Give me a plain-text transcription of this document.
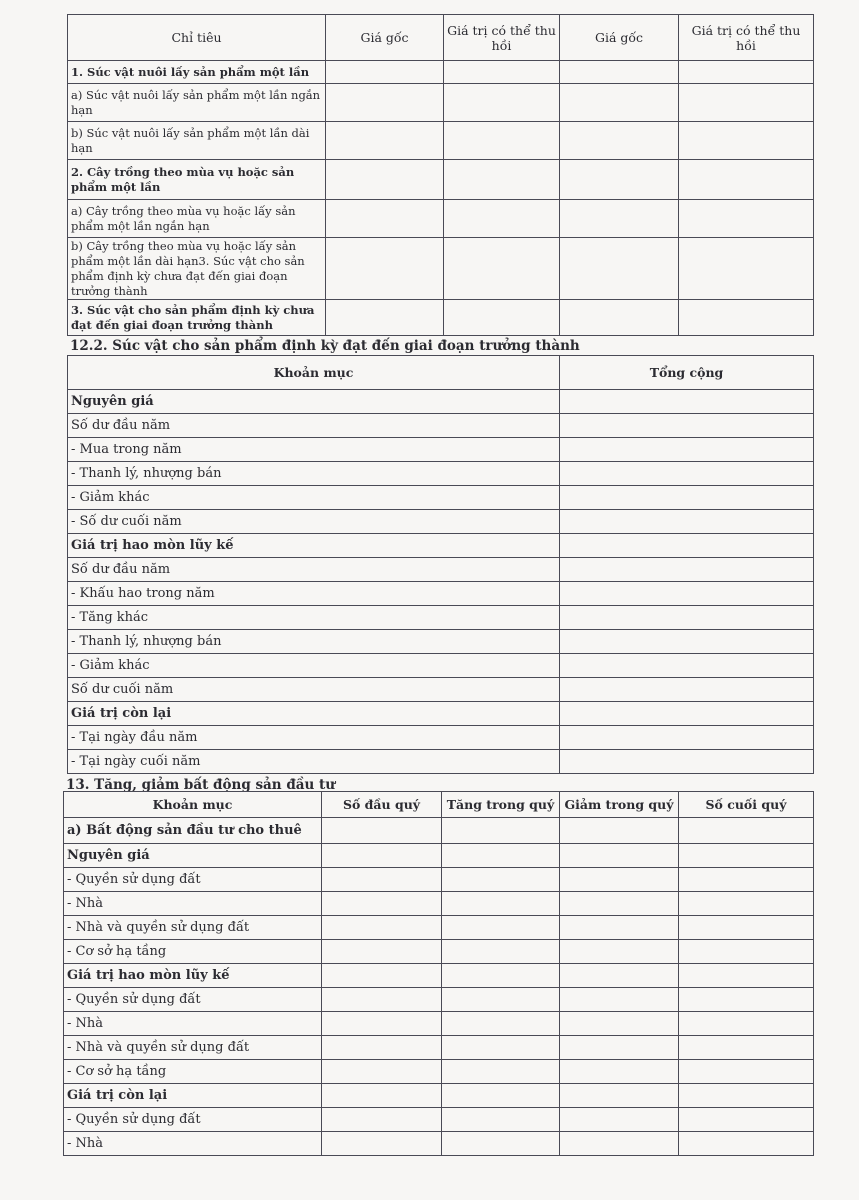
Chỉ tiêu	Giá gốc	Giá trị có thể thu hồi	Giá gốc	Giá trị có thể thu hồi
1. Súc vật nuôi lấy sản phẩm một lần				
a) Súc vật nuôi lấy sản phẩm một lần ngắn hạn				
b) Súc vật nuôi lấy sản phẩm một lần dài hạn				
2. Cây trồng theo mùa vụ hoặc sản phẩm một lần				
a) Cây trồng theo mùa vụ hoặc lấy sản phẩm một lần ngắn hạn				
b) Cây trồng theo mùa vụ hoặc lấy sản phẩm một lần dài hạn3. Súc vật cho sản phẩm định kỳ chưa đạt đến giai đoạn trưởng thành				
3. Súc vật cho sản phẩm định kỳ chưa đạt đến giai đoạn trưởng thành				
12.2. Súc vật cho sản phẩm định kỳ đạt đến giai đoạn trưởng thành
Khoản mục	Tổng cộng
Nguyên giá	
Số dư đầu năm	
- Mua trong năm	
- Thanh lý, nhượng bán	
- Giảm khác	
- Số dư cuối năm	
Giá trị hao mòn lũy kế	
Số dư đầu năm	
- Khấu hao trong năm	
- Tăng khác	
- Thanh lý, nhượng bán	
- Giảm khác	
Số dư cuối năm	
Giá trị còn lại	
- Tại ngày đầu năm	
- Tại ngày cuối năm	
13. Tăng, giảm bất động sản đầu tư
Khoản mục	Số đầu quý	Tăng trong quý	Giảm trong quý	Số cuối quý
a) Bất động sản đầu tư cho thuê				
Nguyên giá				
- Quyền sử dụng đất				
- Nhà				
- Nhà và quyền sử dụng đất				
- Cơ sở hạ tầng				
Giá trị hao mòn lũy kế				
- Quyền sử dụng đất				
- Nhà				
- Nhà và quyền sử dụng đất				
- Cơ sở hạ tầng				
Giá trị còn lại				
- Quyền sử dụng đất				
- Nhà				
